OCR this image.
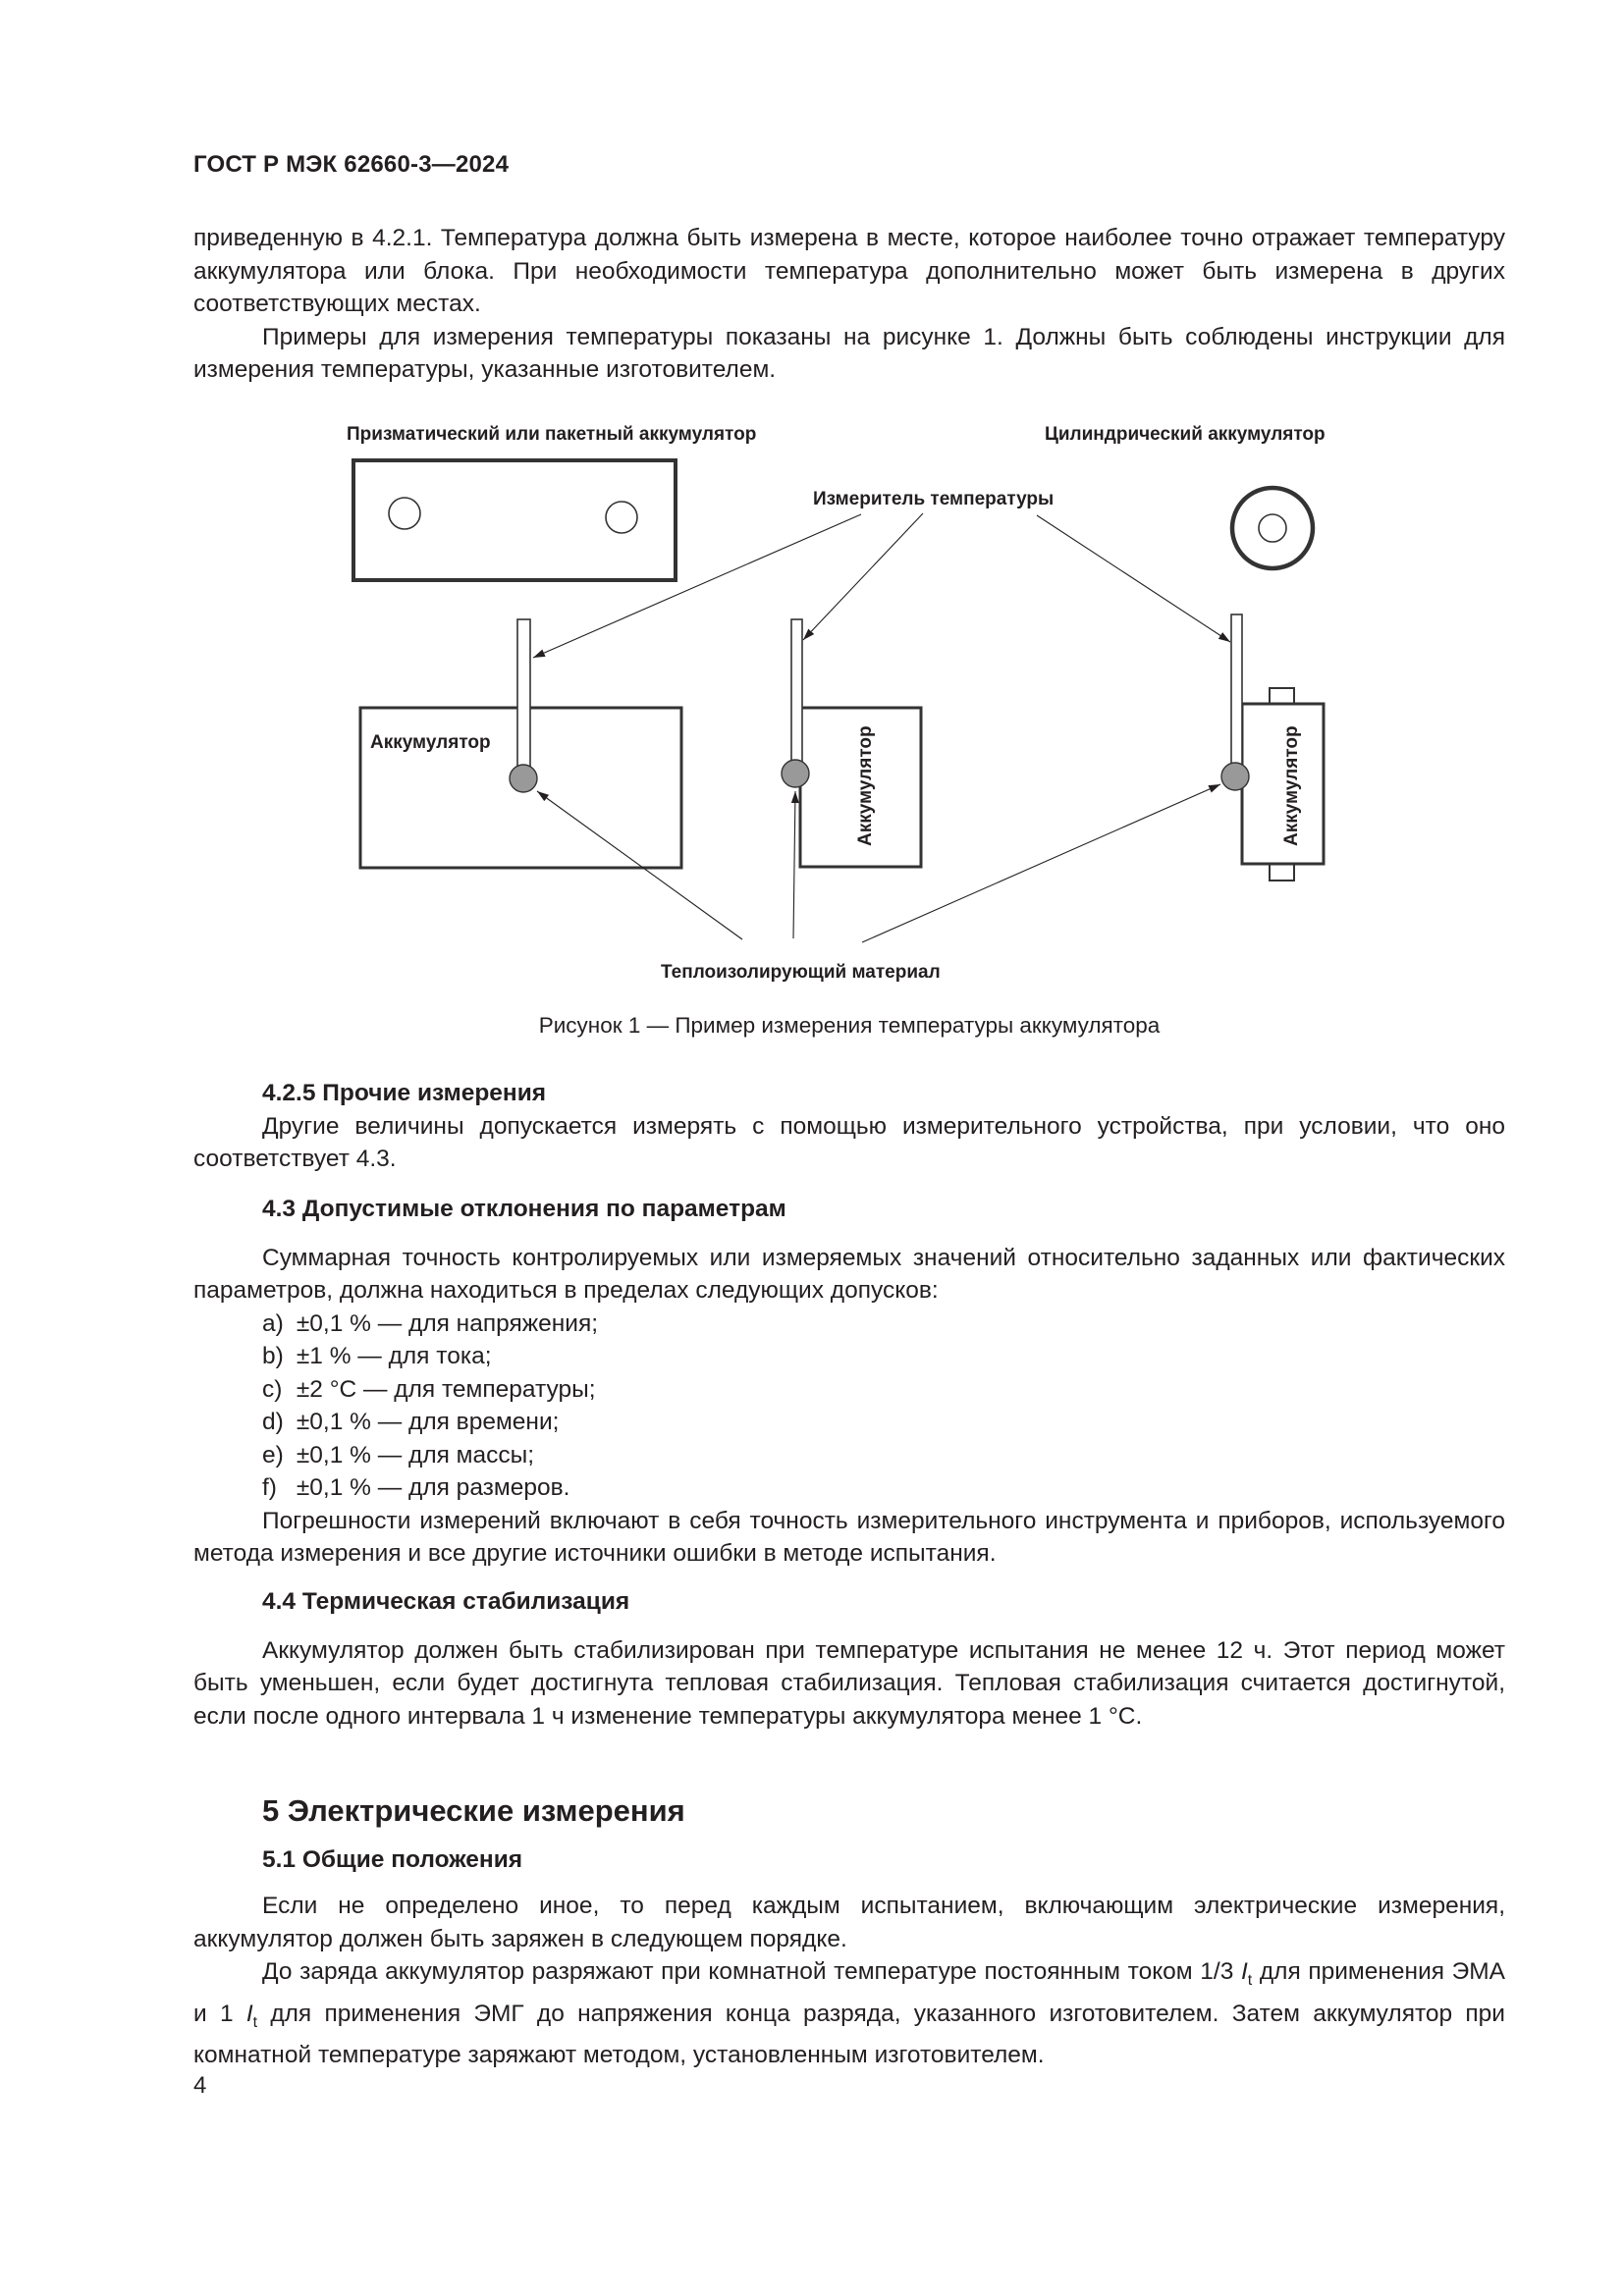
ГОСТ Р МЭК 62660-3—2024

приведенную в 4.2.1. Температура должна быть измерена в месте, которое наиболее точно отражает температуру аккумулятора или блока. При необходимости температура дополнительно может быть измерена в других соответствующих местах.

Примеры для измерения температуры показаны на рисунке 1. Должны быть соблюдены инструкции для измерения температуры, указанные изготовителем.

Призматический или пакетный аккумулятор	Цилиндрический аккумулятор
Измеритель температуры
Теплоизолирующий материал
Аккумулятор	Аккумулятор	Аккумулятор
Рисунок 1 — Пример измерения температуры аккумулятора
4.2.5 Прочие измерения

Другие величины допускается измерять с помощью измерительного устройства, при условии, что оно соответствует 4.3.

4.3 Допустимые отклонения по параметрам

Суммарная точность контролируемых или измеряемых значений относительно заданных или фактических параметров, должна находиться в пределах следующих допусков:

a) ±0,1 % — для напряжения;
b) ±1 % — для тока;
c) ±2 °C — для температуры;
d) ±0,1 % — для времени;
e) ±0,1 % — для массы;
f) ±0,1 % — для размеров.

Погрешности измерений включают в себя точность измерительного инструмента и приборов, используемого метода измерения и все другие источники ошибки в методе испытания.

4.4 Термическая стабилизация

Аккумулятор должен быть стабилизирован при температуре испытания не менее 12 ч. Этот период может быть уменьшен, если будет достигнута тепловая стабилизация. Тепловая стабилизация считается достигнутой, если после одного интервала 1 ч изменение температуры аккумулятора менее 1 °C.

5 Электрические измерения
5.1 Общие положения

Если не определено иное, то перед каждым испытанием, включающим электрические измерения, аккумулятор должен быть заряжен в следующем порядке.

До заряда аккумулятор разряжают при комнатной температуре постоянным током 1/3 $I_t$ для применения ЭМА и 1 $I_t$ для применения ЭМГ до напряжения конца разряда, указанного изготовителем. Затем аккумулятор при комнатной температуре заряжают методом, установленным изготовителем.

4
